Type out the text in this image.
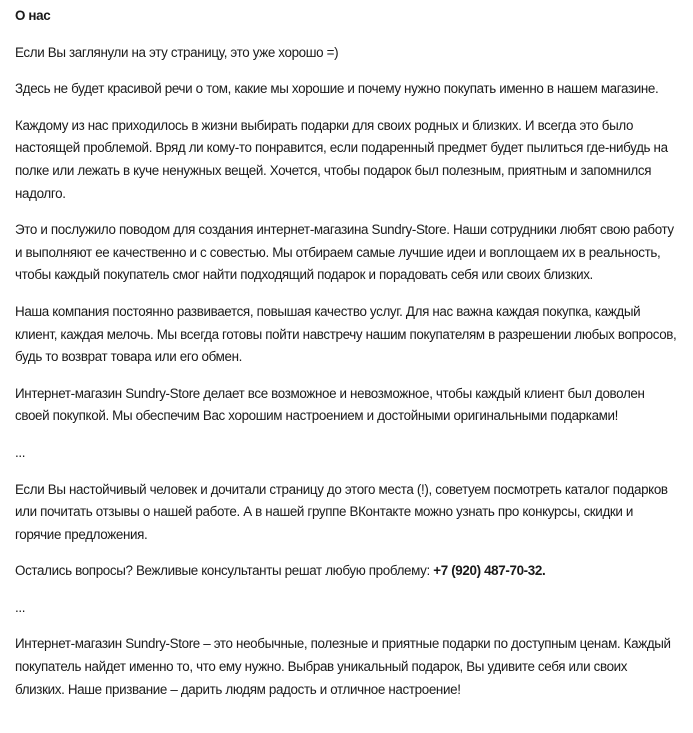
О нас

Если Вы заглянули на эту страницу, это уже хорошо =)

Здесь не будет красивой речи о том, какие мы хорошие и почему нужно покупать именно в нашем магазине.

Каждому из нас приходилось в жизни выбирать подарки для своих родных и близких. И всегда это было настоящей проблемой. Вряд ли кому-то понравится, если подаренный предмет будет пылиться где-нибудь на полке или лежать в куче ненужных вещей. Хочется, чтобы подарок был полезным, приятным и запомнился надолго.

Это и послужило поводом для создания интернет-магазина Sundry-Store. Наши сотрудники любят свою работу и выполняют ее качественно и с совестью. Мы отбираем самые лучшие идеи и воплощаем их в реальность, чтобы каждый покупатель смог найти подходящий подарок и порадовать себя или своих близких.

Наша компания постоянно развивается, повышая качество услуг. Для нас важна каждая покупка, каждый клиент, каждая мелочь. Мы всегда готовы пойти навстречу нашим покупателям в разрешении любых вопросов, будь то возврат товара или его обмен.

Интернет-магазин Sundry-Store делает все возможное и невозможное, чтобы каждый клиент был доволен своей покупкой. Мы обеспечим Вас хорошим настроением и достойными оригинальными подарками!

...

Если Вы настойчивый человек и дочитали страницу до этого места (!), советуем посмотреть каталог подарков или почитать отзывы о нашей работе. А в нашей группе ВКонтакте можно узнать про конкурсы, скидки и горячие предложения.

Остались вопросы? Вежливые консультанты решат любую проблему: +7 (920) 487-70-32.

...

Интернет-магазин Sundry-Store – это необычные, полезные и приятные подарки по доступным ценам. Каждый покупатель найдет именно то, что ему нужно. Выбрав уникальный подарок, Вы удивите себя или своих близких. Наше призвание – дарить людям радость и отличное настроение!
